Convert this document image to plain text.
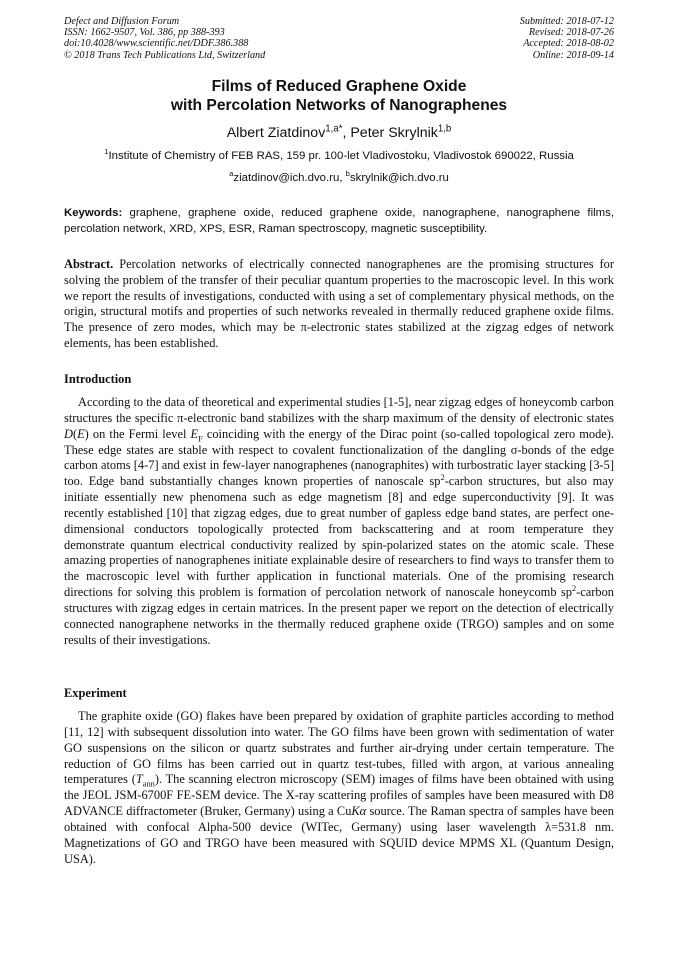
Defect and Diffusion Forum
ISSN: 1662-9507, Vol. 386, pp 388-393
doi:10.4028/www.scientific.net/DDF.386.388
© 2018 Trans Tech Publications Ltd, Switzerland
Submitted: 2018-07-12
Revised: 2018-07-26
Accepted: 2018-08-02
Online: 2018-09-14
Films of Reduced Graphene Oxide
with Percolation Networks of Nanographenes
Albert Ziatdinov$^{1,a*}$, Peter Skrylnik$^{1,b}$
$^1$Institute of Chemistry of FEB RAS, 159 pr. 100-let Vladivostoku, Vladivostok 690022, Russia
$^a$ziatdinov@ich.dvo.ru, $^b$skrylnik@ich.dvo.ru
Keywords: graphene, graphene oxide, reduced graphene oxide, nanographene, nanographene films, percolation network, XRD, XPS, ESR, Raman spectroscopy, magnetic susceptibility.
Abstract. Percolation networks of electrically connected nanographenes are the promising structures for solving the problem of the transfer of their peculiar quantum properties to the macroscopic level. In this work we report the results of investigations, conducted with using a set of complementary physical methods, on the origin, structural motifs and properties of such networks revealed in thermally reduced graphene oxide films. The presence of zero modes, which may be π-electronic states stabilized at the zigzag edges of network elements, has been established.
Introduction

According to the data of theoretical and experimental studies [1-5], near zigzag edges of honeycomb carbon structures the specific π-electronic band stabilizes with the sharp maximum of the density of electronic states D(E) on the Fermi level $E_F$ coinciding with the energy of the Dirac point (so-called topological zero mode). These edge states are stable with respect to covalent functionalization of the dangling σ-bonds of the edge carbon atoms [4-7] and exist in few-layer nanographenes (nanographites) with turbostratic layer stacking [3-5] too. Edge band substantially changes known properties of nanoscale $sp^2$-carbon structures, but also may initiate essentially new phenomena such as edge magnetism [8] and edge superconductivity [9]. It was recently established [10] that zigzag edges, due to great number of gapless edge band states, are perfect one-dimensional conductors topologically protected from backscattering and at room temperature they demonstrate quantum electrical conductivity realized by spin-polarized states on the atomic scale. These amazing properties of nanographenes initiate explainable desire of researchers to find ways to transfer them to the macroscopic level with further application in functional materials. One of the promising research directions for solving this problem is formation of percolation network of nanoscale honeycomb $sp^2$-carbon structures with zigzag edges in certain matrices. In the present paper we report on the detection of electrically connected nanographene networks in the thermally reduced graphene oxide (TRGO) samples and on some results of their investigations.

Experiment

The graphite oxide (GO) flakes have been prepared by oxidation of graphite particles according to method [11, 12] with subsequent dissolution into water. The GO films have been grown with sedimentation of water GO suspensions on the silicon or quartz substrates and further air-drying under certain temperature. The reduction of GO films has been carried out in quartz test-tubes, filled with argon, at various annealing temperatures $(T_{ann})$. The scanning electron microscopy (SEM) images of films have been obtained with using the JEOL JSM-6700F FE-SEM device. The X-ray scattering profiles of samples have been measured with D8 ADVANCE diffractometer (Bruker, Germany) using a CuKα source. The Raman spectra of samples have been obtained with confocal Alpha-500 device (WITec, Germany) using laser wavelength λ=531.8 nm. Magnetizations of GO and TRGO have been measured with SQUID device MPMS XL (Quantum Design, USA).
